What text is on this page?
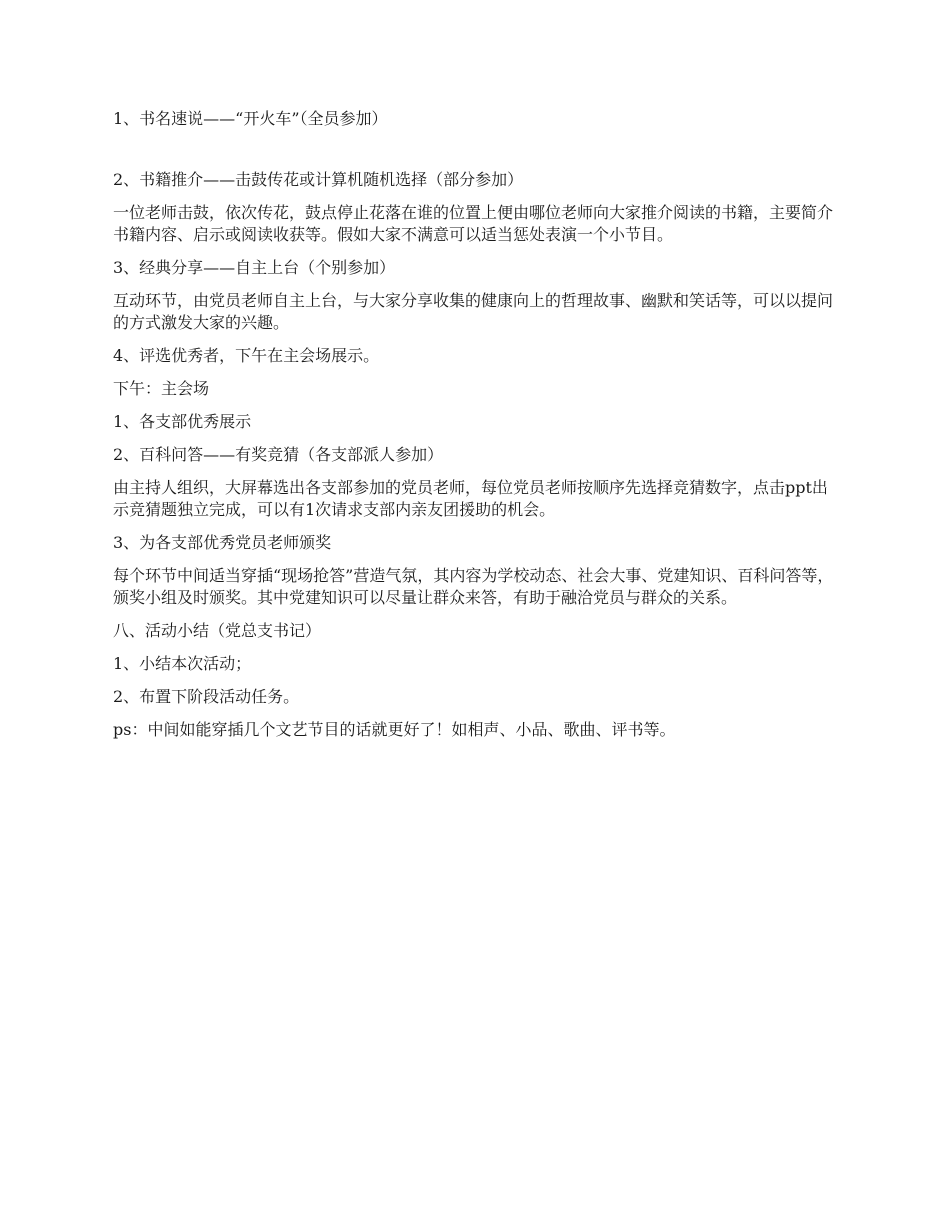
1、书名速说——“开火车”（全员参加）

2、书籍推介——击鼓传花或计算机随机选择（部分参加）

一位老师击鼓，依次传花，鼓点停止花落在谁的位置上便由哪位老师向大家推介阅读的书籍，主要简介书籍内容、启示或阅读收获等。假如大家不满意可以适当惩处表演一个小节目。

3、经典分享——自主上台（个别参加）

互动环节，由党员老师自主上台，与大家分享收集的健康向上的哲理故事、幽默和笑话等，可以以提问的方式激发大家的兴趣。

4、评选优秀者，下午在主会场展示。

下午：主会场

1、各支部优秀展示

2、百科问答——有奖竞猜（各支部派人参加）

由主持人组织，大屏幕选出各支部参加的党员老师，每位党员老师按顺序先选择竞猜数字，点击ppt出示竞猜题独立完成，可以有1次请求支部内亲友团援助的机会。

3、为各支部优秀党员老师颁奖

每个环节中间适当穿插“现场抢答”营造气氛，其内容为学校动态、社会大事、党建知识、百科问答等，颁奖小组及时颁奖。其中党建知识可以尽量让群众来答，有助于融洽党员与群众的关系。

八、活动小结（党总支书记）

1、小结本次活动；

2、布置下阶段活动任务。

ps：中间如能穿插几个文艺节目的话就更好了！如相声、小品、歌曲、评书等。
